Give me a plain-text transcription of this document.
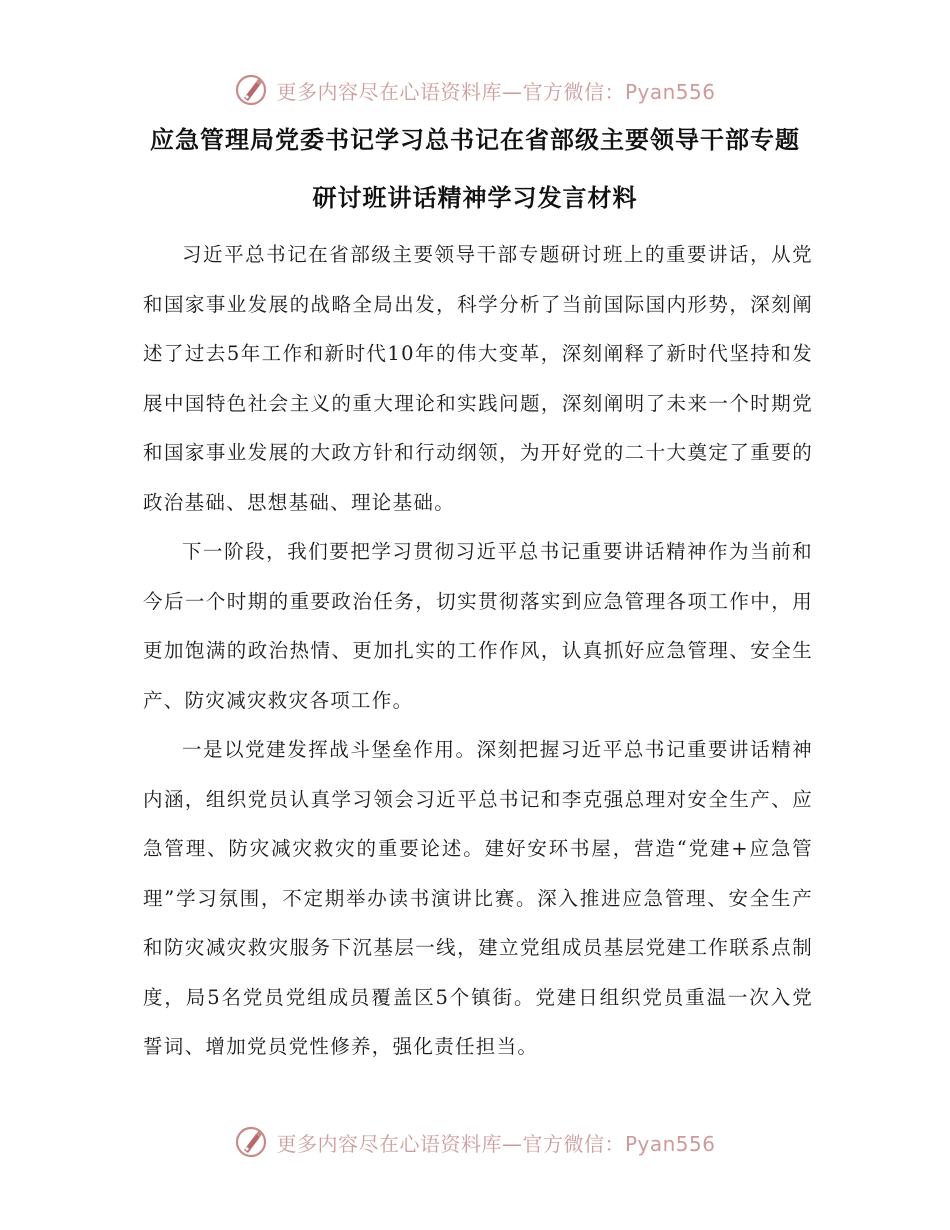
更多内容尽在心语资料库—官方微信：Pyan556
应急管理局党委书记学习总书记在省部级主要领导干部专题
研讨班讲话精神学习发言材料

习近平总书记在省部级主要领导干部专题研讨班上的重要讲话，从党和国家事业发展的战略全局出发，科学分析了当前国际国内形势，深刻阐述了过去5年工作和新时代10年的伟大变革，深刻阐释了新时代坚持和发展中国特色社会主义的重大理论和实践问题，深刻阐明了未来一个时期党和国家事业发展的大政方针和行动纲领，为开好党的二十大奠定了重要的政治基础、思想基础、理论基础。

下一阶段，我们要把学习贯彻习近平总书记重要讲话精神作为当前和今后一个时期的重要政治任务，切实贯彻落实到应急管理各项工作中，用更加饱满的政治热情、更加扎实的工作作风，认真抓好应急管理、安全生产、防灾减灾救灾各项工作。

一是以党建发挥战斗堡垒作用。深刻把握习近平总书记重要讲话精神内涵，组织党员认真学习领会习近平总书记和李克强总理对安全生产、应急管理、防灾减灾救灾的重要论述。建好安环书屋，营造“党建+应急管理”学习氛围，不定期举办读书演讲比赛。深入推进应急管理、安全生产和防灾减灾救灾服务下沉基层一线，建立党组成员基层党建工作联系点制度，局5名党员党组成员覆盖区5个镇街。党建日组织党员重温一次入党誓词、增加党员党性修养，强化责任担当。

更多内容尽在心语资料库—官方微信：Pyan556
